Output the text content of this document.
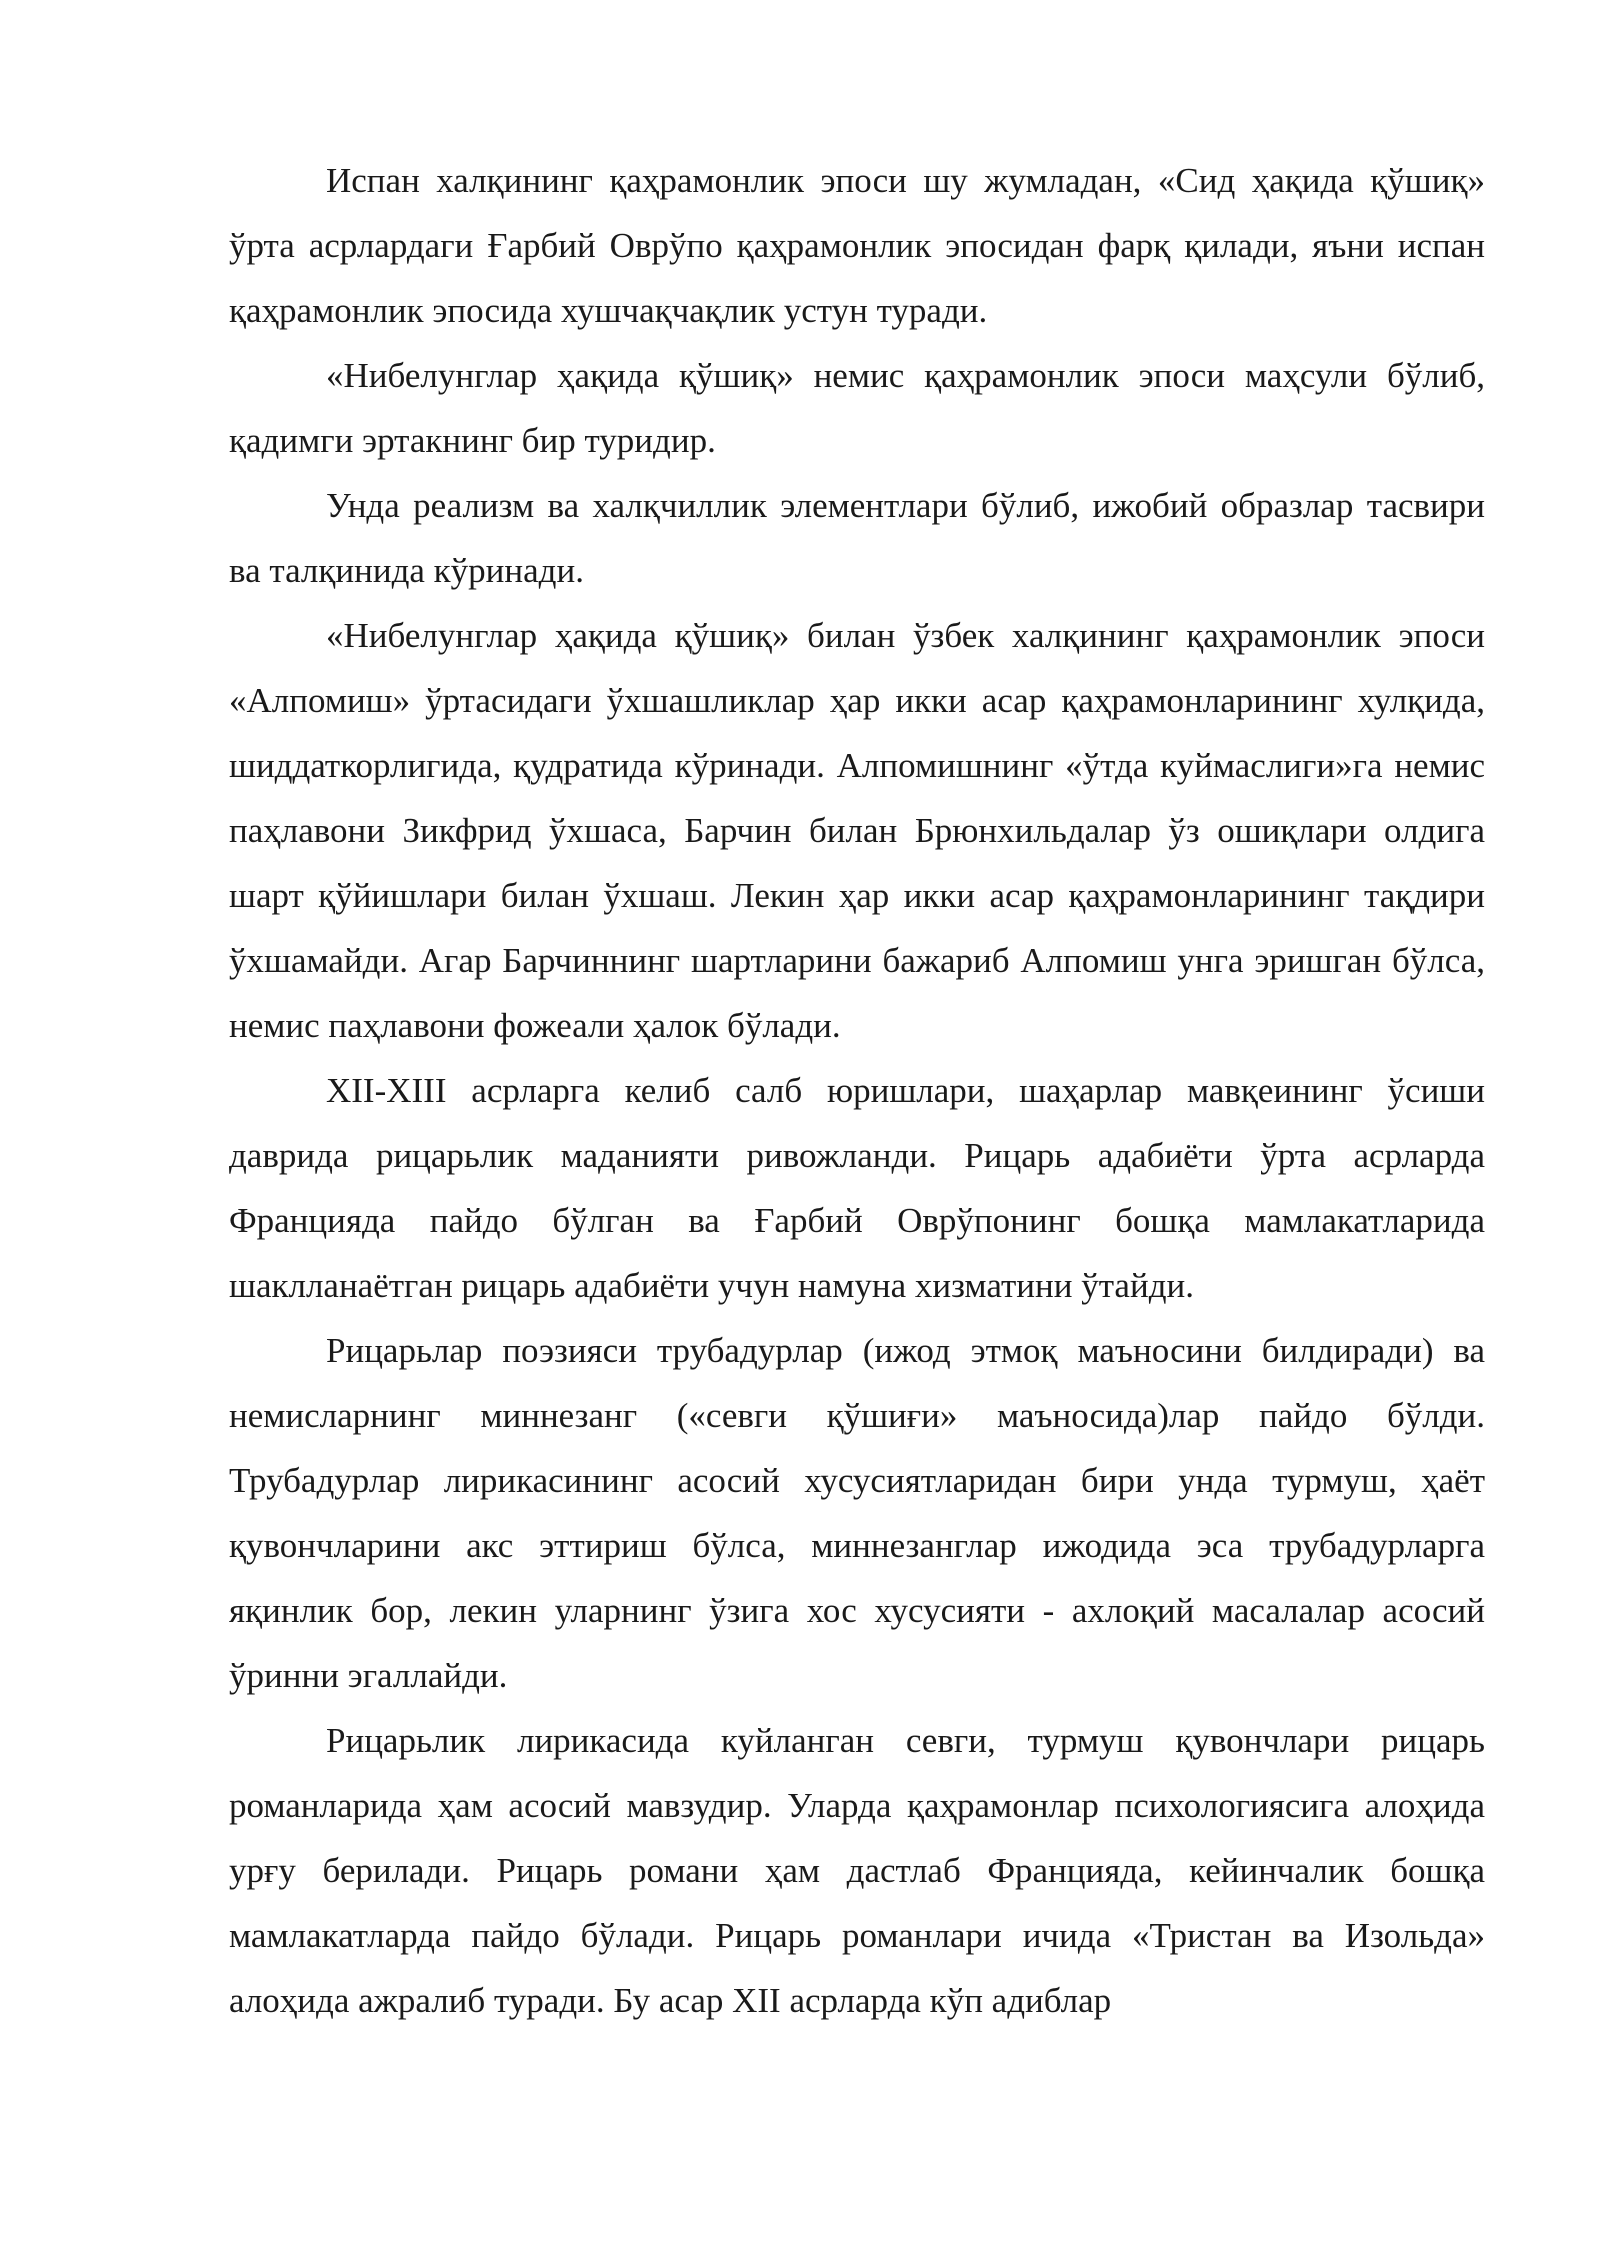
Испан халқининг қаҳрамонлик эпоси шу жумладан, «Сид ҳақида қўшиқ» ўрта асрлардаги Ғарбий Оврўпо қаҳрамонлик эпосидан фарқ қилади, яъни испан қаҳрамонлик эпосида хушчақчақлик устун туради.

«Нибелунглар ҳақида қўшиқ» немис қаҳрамонлик эпоси маҳсули бўлиб, қадимги эртакнинг бир туридир.

Унда реализм ва халқчиллик элементлари бўлиб, ижобий образлар тасвири ва талқинида кўринади.

«Нибелунглар ҳақида қўшиқ» билан ўзбек халқининг қаҳрамонлик эпоси «Алпомиш» ўртасидаги ўхшашликлар ҳар икки асар қаҳрамонларининг хулқида, шиддаткорлигида, қудратида кўринади. Алпомишнинг «ўтда куймаслиги»га немис паҳлавони Зикфрид ўхшаса, Барчин билан Брюнхильдалар ўз ошиқлари олдига шарт қўйишлари билан ўхшаш. Лекин ҳар икки асар қаҳрамонларининг тақдири ўхшамайди. Агар Барчиннинг шартларини бажариб Алпомиш унга эришган бўлса, немис паҳлавони фожеали ҳалок бўлади.

XII-XIII асрларга келиб салб юришлари, шаҳарлар мавқеининг ўсиши даврида рицарьлик маданияти ривожланди. Рицарь адабиёти ўрта асрларда Францияда пайдо бўлган ва Ғарбий Оврўпонинг бошқа мамлакатларида шаклланаётган рицарь адабиёти учун намуна хизматини ўтайди.

Рицарьлар поэзияси трубадурлар (ижод этмоқ маъносини билдиради) ва немисларнинг миннезанг («севги қўшиғи» маъносида)лар пайдо бўлди. Трубадурлар лирикасининг асосий хусусиятларидан бири унда турмуш, ҳаёт қувончларини акс эттириш бўлса, миннезанглар ижодида эса трубадурларга яқинлик бор, лекин уларнинг ўзига хос хусусияти - ахлоқий масалалар асосий ўринни эгаллайди.

Рицарьлик лирикасида куйланган севги, турмуш қувончлари рицарь романларида ҳам асосий мавзудир. Уларда қаҳрамонлар психологиясига алоҳида урғу берилади. Рицарь романи ҳам дастлаб Францияда, кейинчалик бошқа мамлакатларда пайдо бўлади. Рицарь романлари ичида «Тристан ва Изольда» алоҳида ажралиб туради. Бу асар XII асрларда кўп адиблар
